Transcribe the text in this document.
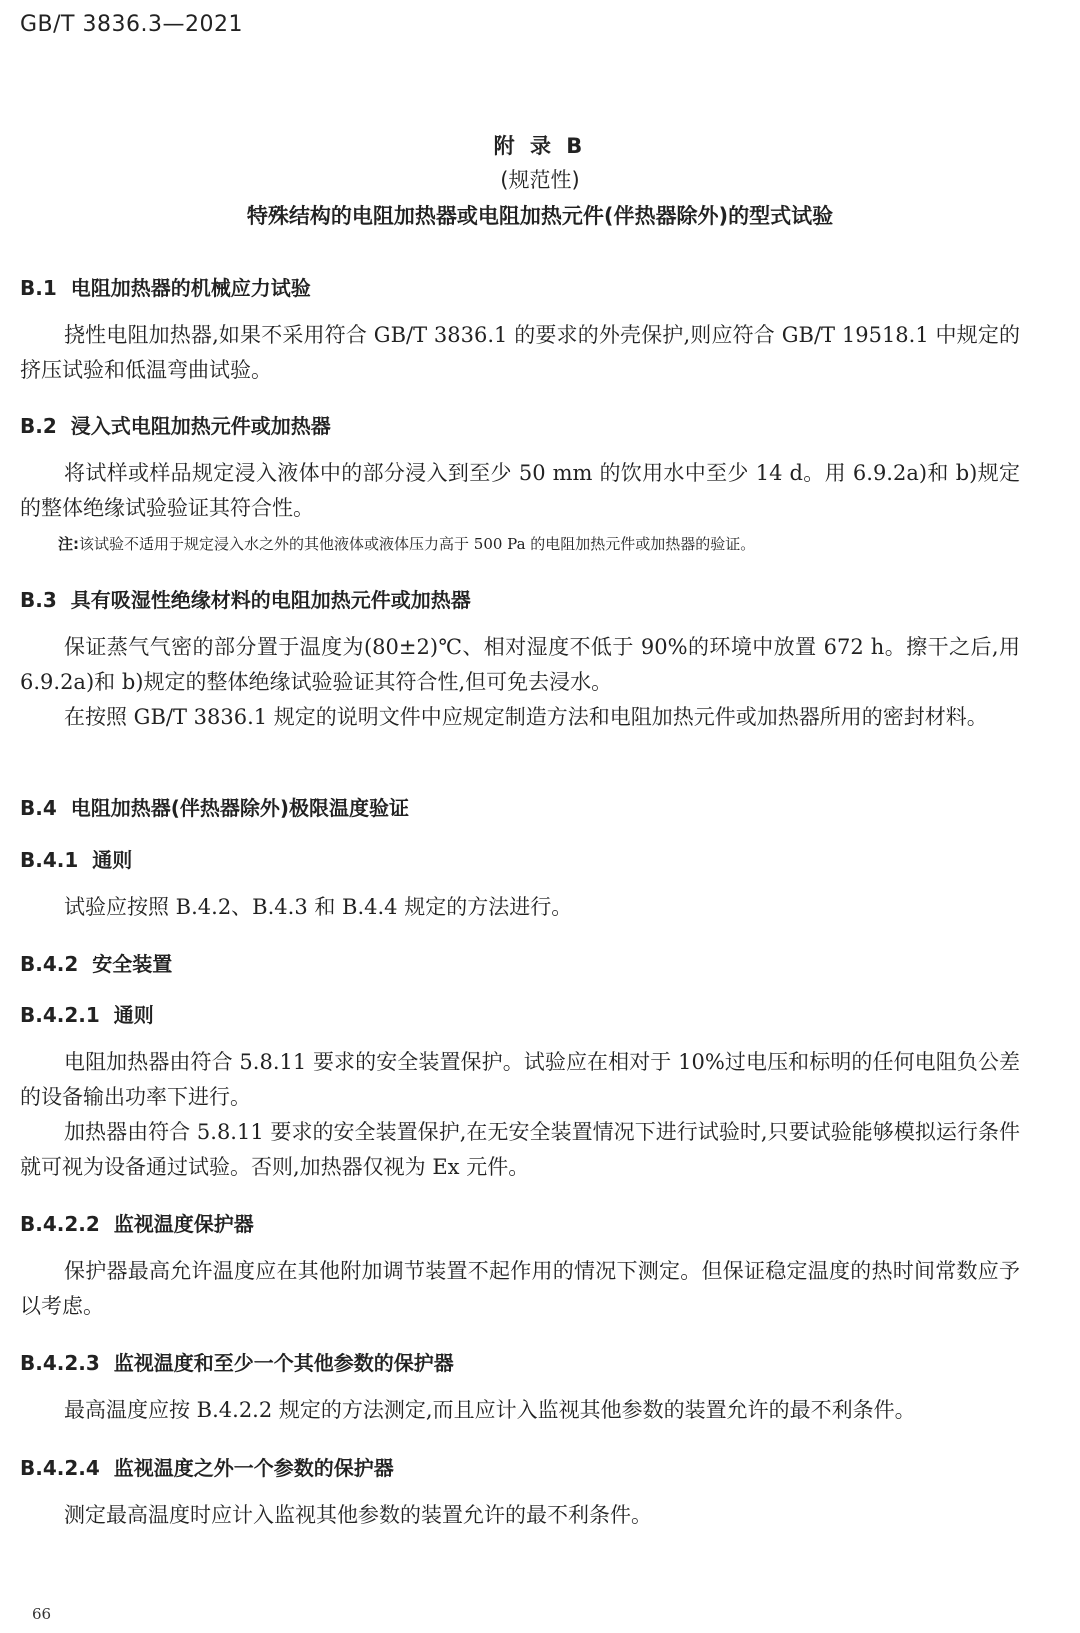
GB/T 3836.3—2021
附 录 B
(规范性)
特殊结构的电阻加热器或电阻加热元件(伴热器除外)的型式试验
B.1 电阻加热器的机械应力试验
挠性电阻加热器,如果不采用符合 GB/T 3836.1 的要求的外壳保护,则应符合 GB/T 19518.1 中规定的挤压试验和低温弯曲试验。
B.2 浸入式电阻加热元件或加热器
将试样或样品规定浸入液体中的部分浸入到至少 50 mm 的饮用水中至少 14 d。用 6.9.2a)和 b)规定的整体绝缘试验验证其符合性。
注:该试验不适用于规定浸入水之外的其他液体或液体压力高于 500 Pa 的电阻加热元件或加热器的验证。
B.3 具有吸湿性绝缘材料的电阻加热元件或加热器
保证蒸气气密的部分置于温度为(80±2)℃、相对湿度不低于 90%的环境中放置 672 h。擦干之后,用 6.9.2a)和 b)规定的整体绝缘试验验证其符合性,但可免去浸水。
在按照 GB/T 3836.1 规定的说明文件中应规定制造方法和电阻加热元件或加热器所用的密封材料。
B.4 电阻加热器(伴热器除外)极限温度验证
B.4.1 通则
试验应按照 B.4.2、B.4.3 和 B.4.4 规定的方法进行。
B.4.2 安全装置
B.4.2.1 通则
电阻加热器由符合 5.8.11 要求的安全装置保护。试验应在相对于 10%过电压和标明的任何电阻负公差的设备输出功率下进行。
加热器由符合 5.8.11 要求的安全装置保护,在无安全装置情况下进行试验时,只要试验能够模拟运行条件就可视为设备通过试验。否则,加热器仅视为 Ex 元件。
B.4.2.2 监视温度保护器
保护器最高允许温度应在其他附加调节装置不起作用的情况下测定。但保证稳定温度的热时间常数应予以考虑。
B.4.2.3 监视温度和至少一个其他参数的保护器
最高温度应按 B.4.2.2 规定的方法测定,而且应计入监视其他参数的装置允许的最不利条件。
B.4.2.4 监视温度之外一个参数的保护器
测定最高温度时应计入监视其他参数的装置允许的最不利条件。
66
